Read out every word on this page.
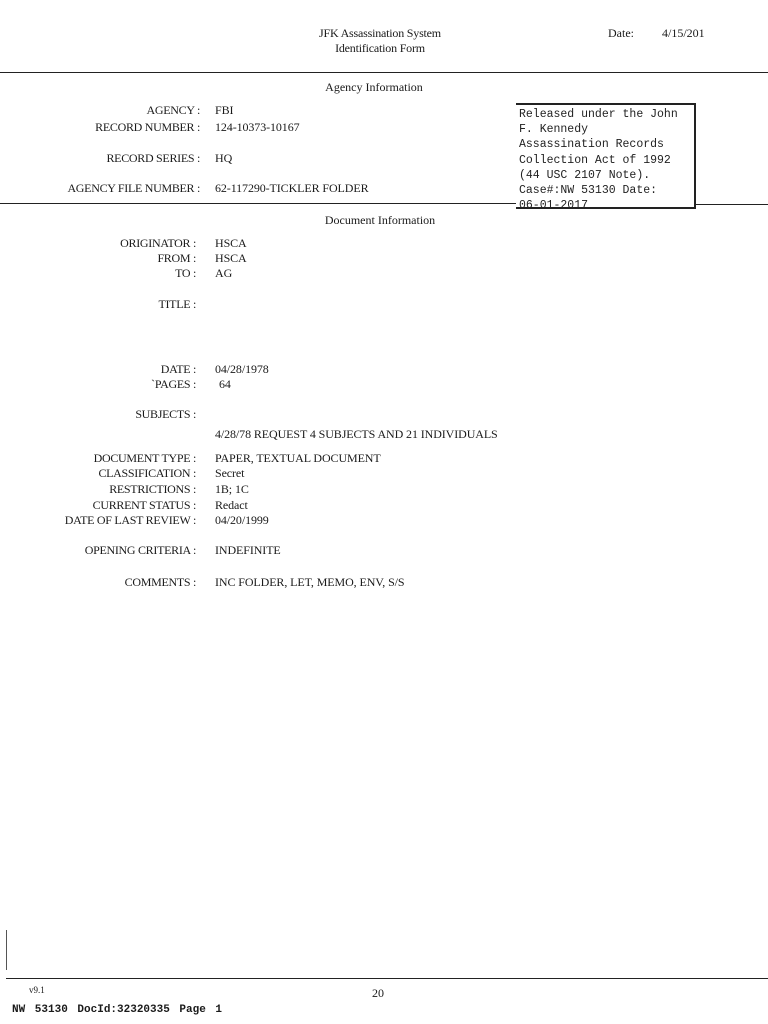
JFK Assassination System
Identification Form
Date: 4/15/201
Agency Information
AGENCY : FBI
RECORD NUMBER : 124-10373-10167
RECORD SERIES : HQ
AGENCY FILE NUMBER : 62-117290-TICKLER FOLDER
Released under the John
F. Kennedy
Assassination Records
Collection Act of 1992
(44 USC 2107 Note).
Case#:NW 53130 Date:
06-01-2017
Document Information
ORIGINATOR : HSCA
FROM : HSCA
TO : AG
TITLE :
DATE : 04/28/1978
`PAGES : 64
SUBJECTS :
4/28/78 REQUEST 4 SUBJECTS AND 21 INDIVIDUALS
DOCUMENT TYPE : PAPER, TEXTUAL DOCUMENT
CLASSIFICATION : Secret
RESTRICTIONS : 1B; 1C
CURRENT STATUS : Redact
DATE OF LAST REVIEW : 04/20/1999
OPENING CRITERIA : INDEFINITE
COMMENTS : INC FOLDER, LET, MEMO, ENV, S/S
v9.1	20
NW 53130 DocId:32320335 Page 1
